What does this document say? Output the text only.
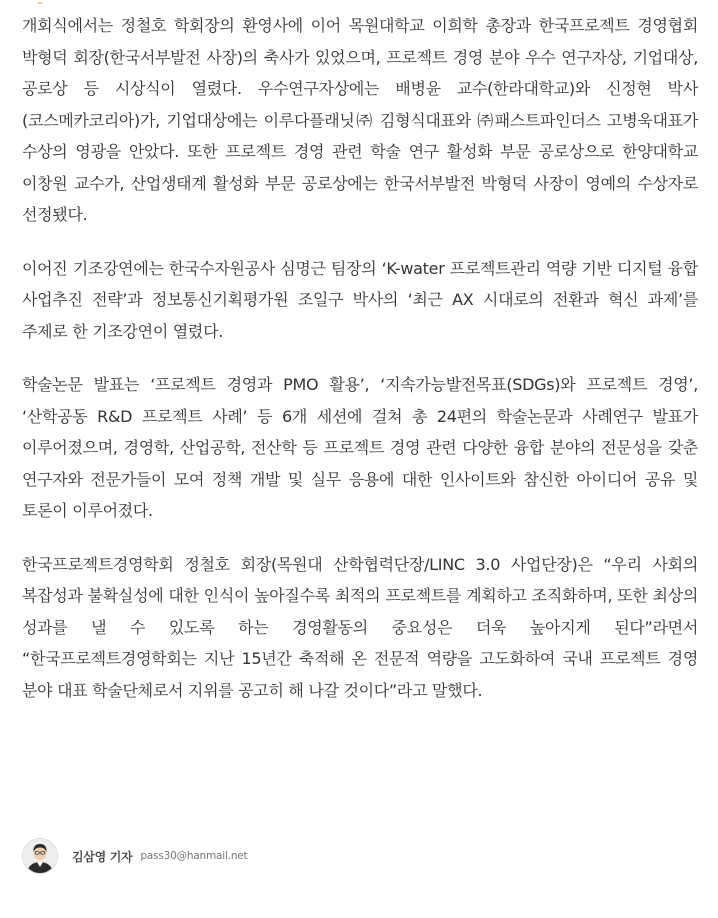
개회식에서는 정철호 학회장의 환영사에 이어 목원대학교 이희학 총장과 한국프로젝트 경영협회 박형덕 회장(한국서부발전 사장)의 축사가 있었으며, 프로젝트 경영 분야 우수 연구자상, 기업대상, 공로상 등 시상식이 열렸다. 우수연구자상에는 배병윤 교수(한라대학교)와 신정현 박사(코스메카코리아)가, 기업대상에는 이루다플래닛㈜ 김형식대표와 ㈜패스트파인더스 고병욱대표가 수상의 영광을 안았다. 또한 프로젝트 경영 관련 학술 연구 활성화 부문 공로상으로 한양대학교 이창원 교수가, 산업생태계 활성화 부문 공로상에는 한국서부발전 박형덕 사장이 영예의 수상자로 선정됐다.

이어진 기조강연에는 한국수자원공사 심명근 팀장의 ‘K-water 프로젝트관리 역량 기반 디지털 융합 사업추진 전략’과 정보통신기획평가원 조일구 박사의 ‘최근 AX 시대로의 전환과 혁신 과제’를 주제로 한 기조강연이 열렸다.

학술논문 발표는 ‘프로젝트 경영과 PMO 활용’, ‘지속가능발전목표(SDGs)와 프로젝트 경영’, ‘산학공동 R&D 프로젝트 사례’ 등 6개 세션에 걸쳐 총 24편의 학술논문과 사례연구 발표가 이루어졌으며, 경영학, 산업공학, 전산학 등 프로젝트 경영 관련 다양한 융합 분야의 전문성을 갖춘 연구자와 전문가들이 모여 정책 개발 및 실무 응용에 대한 인사이트와 참신한 아이디어 공유 및 토론이 이루어졌다.

한국프로젝트경영학회 정철호 회장(목원대 산학협력단장/LINC 3.0 사업단장)은 “우리 사회의 복잡성과 불확실성에 대한 인식이 높아질수록 최적의 프로젝트를 계획하고 조직화하며, 또한 최상의 성과를 낼 수 있도록 하는 경영활동의 중요성은 더욱 높아지게 된다”라면서 “한국프로젝트경영학회는 지난 15년간 축적해 온 전문적 역량을 고도화하여 국내 프로젝트 경영 분야 대표 학술단체로서 지위를 공고히 해 나갈 것이다”라고 말했다.

김삼영 기자 pass30@hanmail.net
